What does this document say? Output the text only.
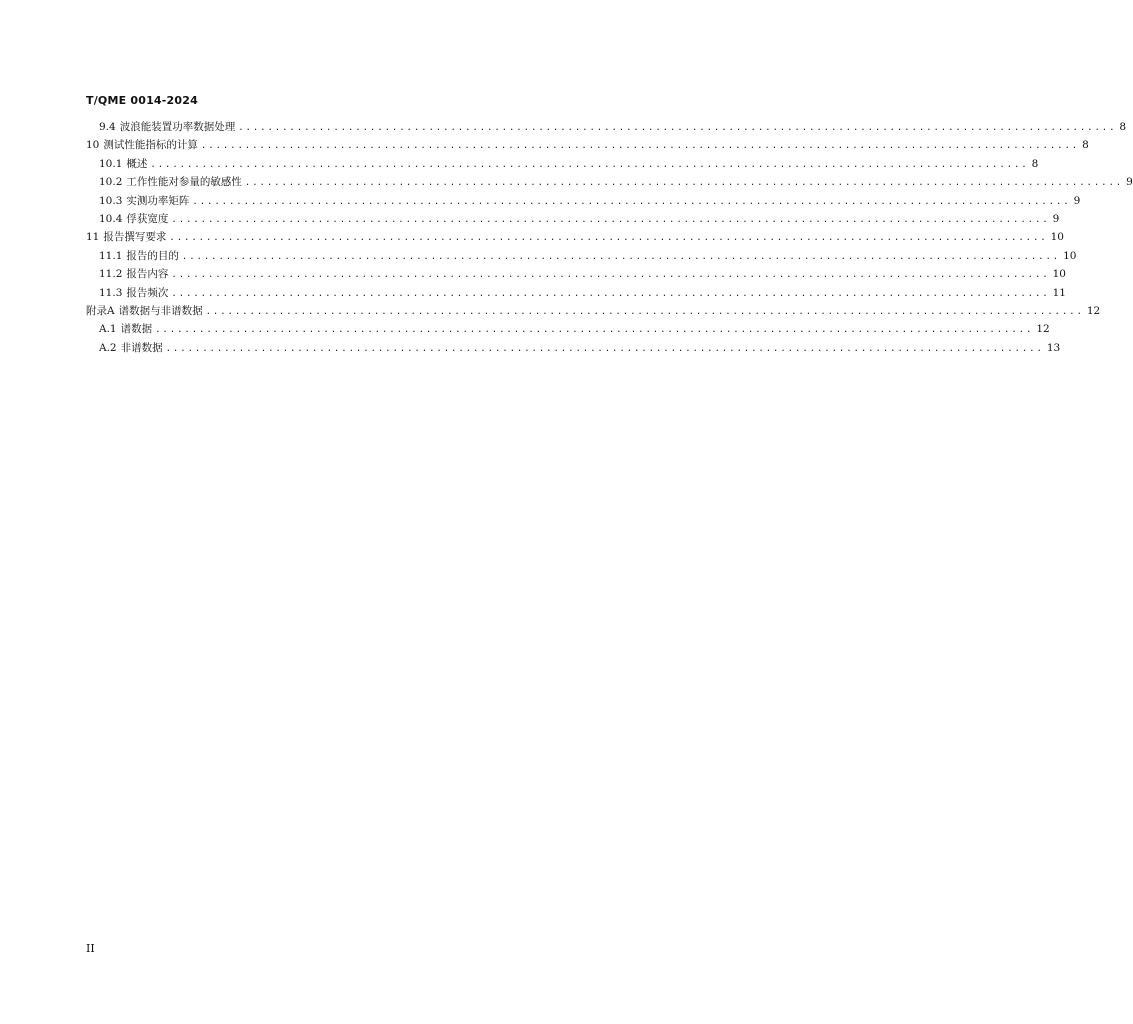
T/QME 0014-2024
9.4 波浪能装置功率数据处理 ........................................................................................................................ 8
10 测试性能指标的计算 ........................................................................................................................ 8
10.1 概述 ........................................................................................................................ 8
10.2 工作性能对参量的敏感性 ........................................................................................................................ 9
10.3 实测功率矩阵 ........................................................................................................................ 9
10.4 俘获宽度 ........................................................................................................................ 9
11 报告撰写要求 ........................................................................................................................ 10
11.1 报告的目的 ........................................................................................................................ 10
11.2 报告内容 ........................................................................................................................ 10
11.3 报告频次 ........................................................................................................................ 11
附录A 谱数据与非谱数据 ........................................................................................................................ 12
A.1 谱数据 ........................................................................................................................ 12
A.2 非谱数据 ........................................................................................................................ 13
II
